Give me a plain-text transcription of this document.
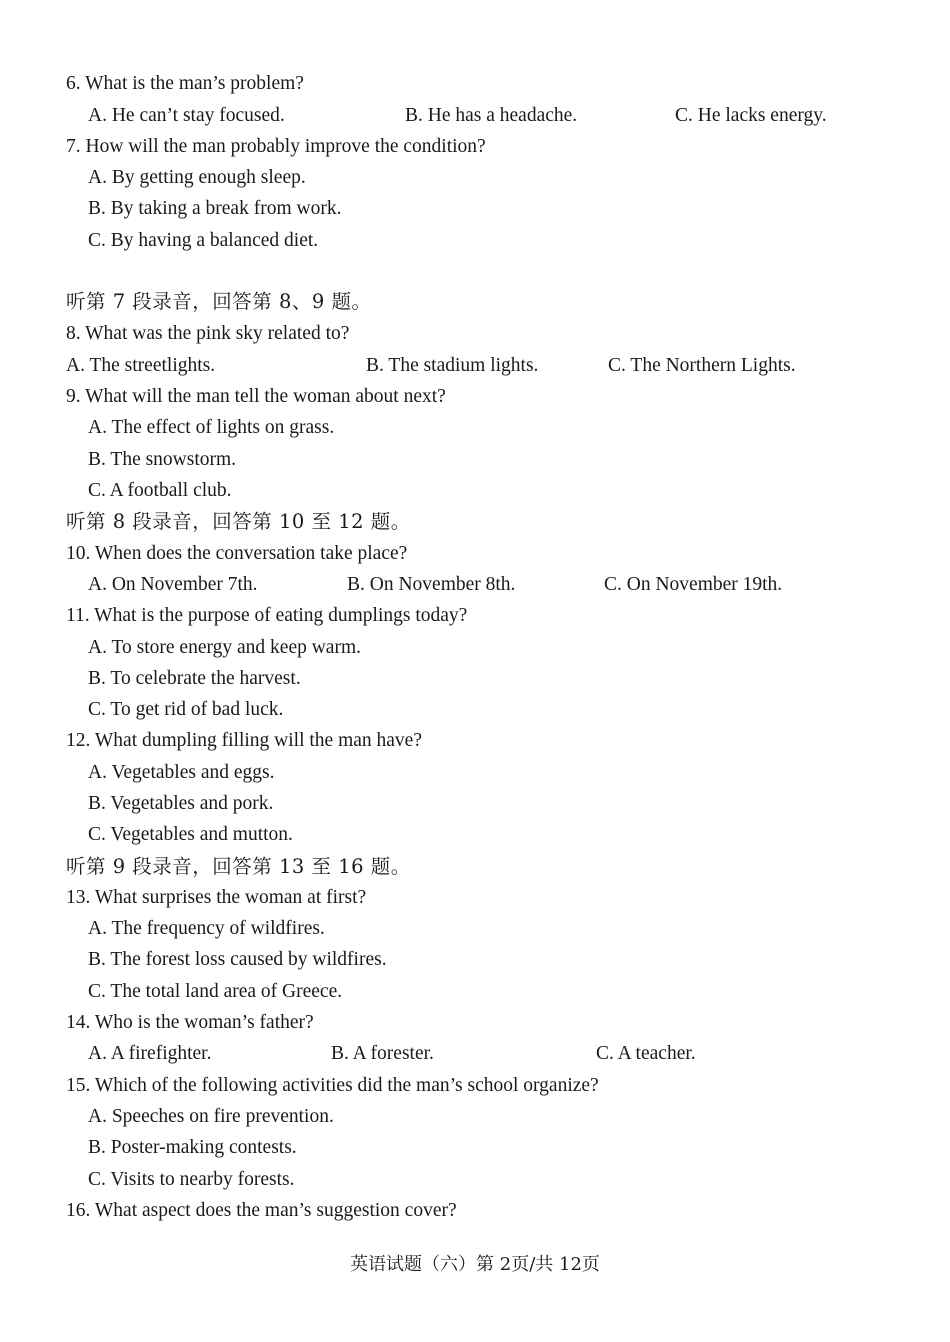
6. What is the man’s problem?
A. He can’t stay focused.	B. He has a headache.	C. He lacks energy.
7. How will the man probably improve the condition?
A. By getting enough sleep.
B. By taking a break from work.
C. By having a balanced diet.
听第 7 段录音，回答第 8、9 题。
8. What was the pink sky related to?
A. The streetlights.	B. The stadium lights.	C. The Northern Lights.
9. What will the man tell the woman about next?
A. The effect of lights on grass.
B. The snowstorm.
C. A football club.
听第 8 段录音，回答第 10 至 12 题。
10. When does the conversation take place?
A. On November 7th.	B. On November 8th.	C. On November 19th.
11. What is the purpose of eating dumplings today?
A. To store energy and keep warm.
B. To celebrate the harvest.
C. To get rid of bad luck.
12. What dumpling filling will the man have?
A. Vegetables and eggs.
B. Vegetables and pork.
C. Vegetables and mutton.
听第 9 段录音，回答第 13 至 16 题。
13. What surprises the woman at first?
A. The frequency of wildfires.
B. The forest loss caused by wildfires.
C. The total land area of Greece.
14. Who is the woman’s father?
A. A firefighter.	B. A forester.	C. A teacher.
15. Which of the following activities did the man’s school organize?
A. Speeches on fire prevention.
B. Poster-making contests.
C. Visits to nearby forests.
16. What aspect does the man’s suggestion cover?
英语试题（六）第 2页/共 12页
